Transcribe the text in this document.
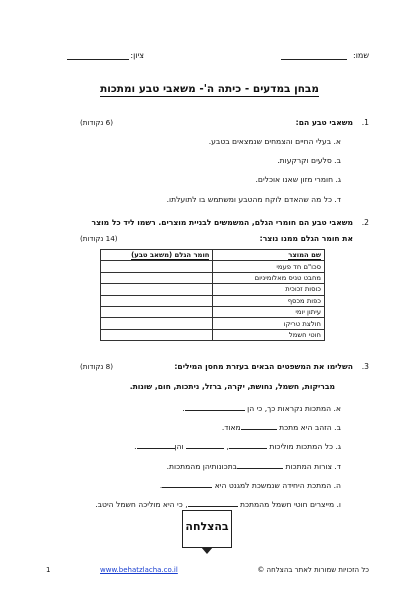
שמו:
ציון:
מבחן במדעים - כיתה ה'- משאבי טבע ומתכות
1.
משאבי טבע הם:
(6 נקודות)
א. בעלי החיים והצמחים שנמצאים בטבע.
ב. סלעים וקרקעות.
ג. חומרי מזון שאנו אוכלים.
ד. כל מה שהאדם לוקח מהטבע ומשתמש בו לתועלתו.
2.
משאבי טבע הם חומרי הגלם, המשמשים לבניית מוצרים. רשמו ליד כל מוצר
את חומר הגלם ממנו נוצר:
(14 נקודות)
שם המוצר	חומר הגלם (משאב טבע)
סכו"ם חד פעמי	
מחבט טניס מאלומיניום	
כוסות זכוכית	
כפות מכסף	
עיתון יומי	
חולצת טריקו	
חוטי חשמל	
3.
השלימו את המשפטים הבאים בעזרת מחסן המילים:
(8 נקודות)
מבריקות, חשמל, נחושת, יקרה, ברזל, ניתכות, חום, שונות.
א. המתכות נקראות כך, כי הן .
ב. הזהב היא מתכת מאוד.
ג. כל המתכות מוליכות ,  והן.
ד. צורות המתכות בתכונותיהן מהמתכות.
ה. המתכת היחידה שנמשכת למגנט היא .
ו. מייצרים חוטי חשמל מהמתכת , כי היא מוליכה חשמל היטב.
בהצלחה
1	www.behatzlacha.co.il	כל הזכויות שמורות לאתר בהצלחה ©
